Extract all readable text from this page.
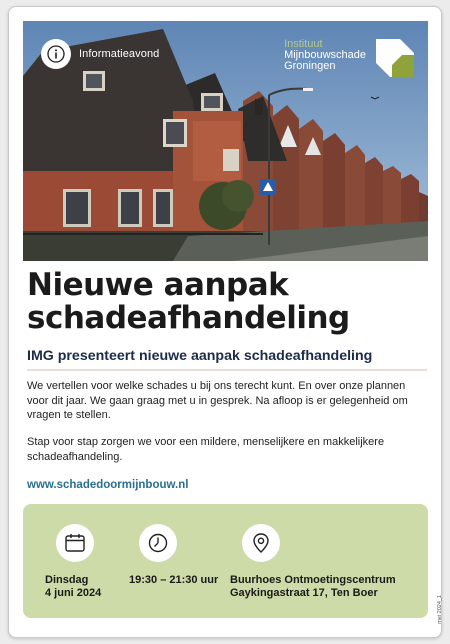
Informatieavond
Instituut
Mijnbouwschade
Groningen
Nieuwe aanpak
schadeafhandeling
IMG presenteert nieuwe aanpak schadeafhandeling

We vertellen voor welke schades u bij ons terecht kunt. En over onze plannen voor dit jaar. We gaan graag met u in gesprek. Na afloop is er gelegenheid om vragen te stellen.

Stap voor stap zorgen we voor een mildere, menselijkere en makkelijkere schadeafhandeling.

www.schadedoormijnbouw.nl
Dinsdag
4 juni 2024
19:30 – 21:30 uur Buurhoes Ontmoetingscentrum
Gaykingastraat 17, Ten Boer
mei 2024_1
